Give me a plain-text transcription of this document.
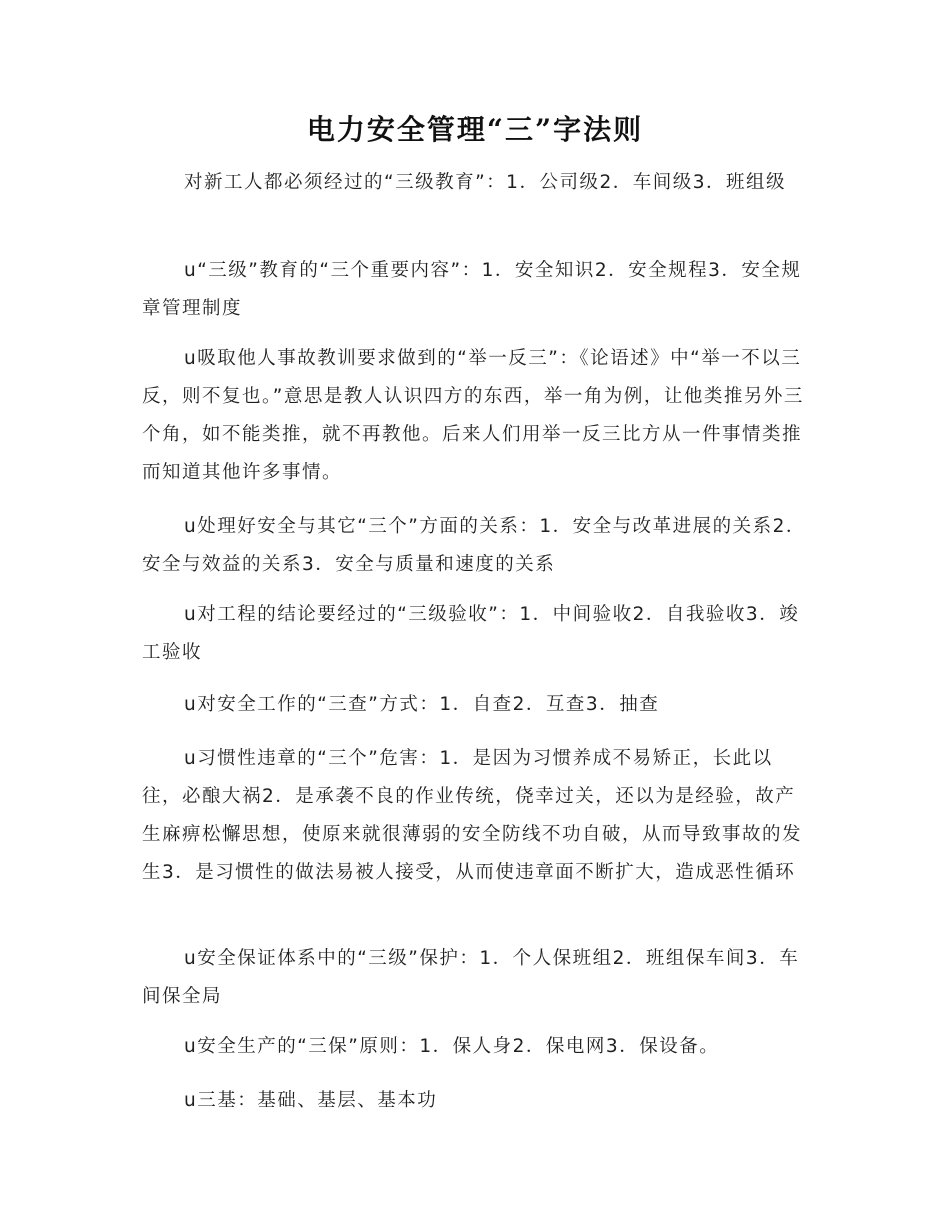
电力安全管理“三”字法则

对新工人都必须经过的“三级教育”：1．公司级2．车间级3．班组级

u“三级”教育的“三个重要内容”：1．安全知识2．安全规程3．安全规章管理制度

u吸取他人事故教训要求做到的“举一反三”：《论语述》中“举一不以三反，则不复也。”意思是教人认识四方的东西，举一角为例，让他类推另外三个角，如不能类推，就不再教他。后来人们用举一反三比方从一件事情类推而知道其他许多事情。

u处理好安全与其它“三个”方面的关系：1．安全与改革进展的关系2．安全与效益的关系3．安全与质量和速度的关系

u对工程的结论要经过的“三级验收”：1．中间验收2．自我验收3．竣工验收

u对安全工作的“三查”方式：1．自查2．互查3．抽查

u习惯性违章的“三个”危害：1．是因为习惯养成不易矫正，长此以往，必酿大祸2．是承袭不良的作业传统，侥幸过关，还以为是经验，故产生麻痹松懈思想，使原来就很薄弱的安全防线不功自破，从而导致事故的发生3．是习惯性的做法易被人接受，从而使违章面不断扩大，造成恶性循环

u安全保证体系中的“三级”保护：1．个人保班组2．班组保车间3．车间保全局

u安全生产的“三保”原则：1．保人身2．保电网3．保设备。

u三基：基础、基层、基本功
